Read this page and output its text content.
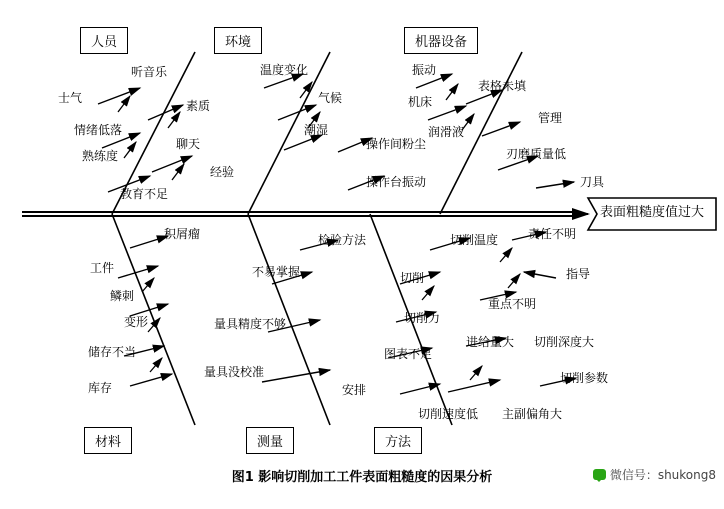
人员	环境	机器设备
材料	测量	方法
表面粗糙度值过大
听音乐
士气
素质
情绪低落
聊天
熟练度
经验
教育不足
温度变化
气候
潮湿
操作间粉尘
操作台振动
振动
表格未填
机床
管理
润滑液
刃磨质量低
刀具
积屑瘤
工件
鳞刺
变形
储存不当
库存
检验方法
不易掌握
量具精度不够
量具没校准
切削温度 责任不明
切削	指导
重点不明
切削力
进给量大 切削深度大
图表不足
安排
切削参数
切削速度低 主副偏角大
图1 影响切削加工工件表面粗糙度的因果分析	微信号：shukong8
